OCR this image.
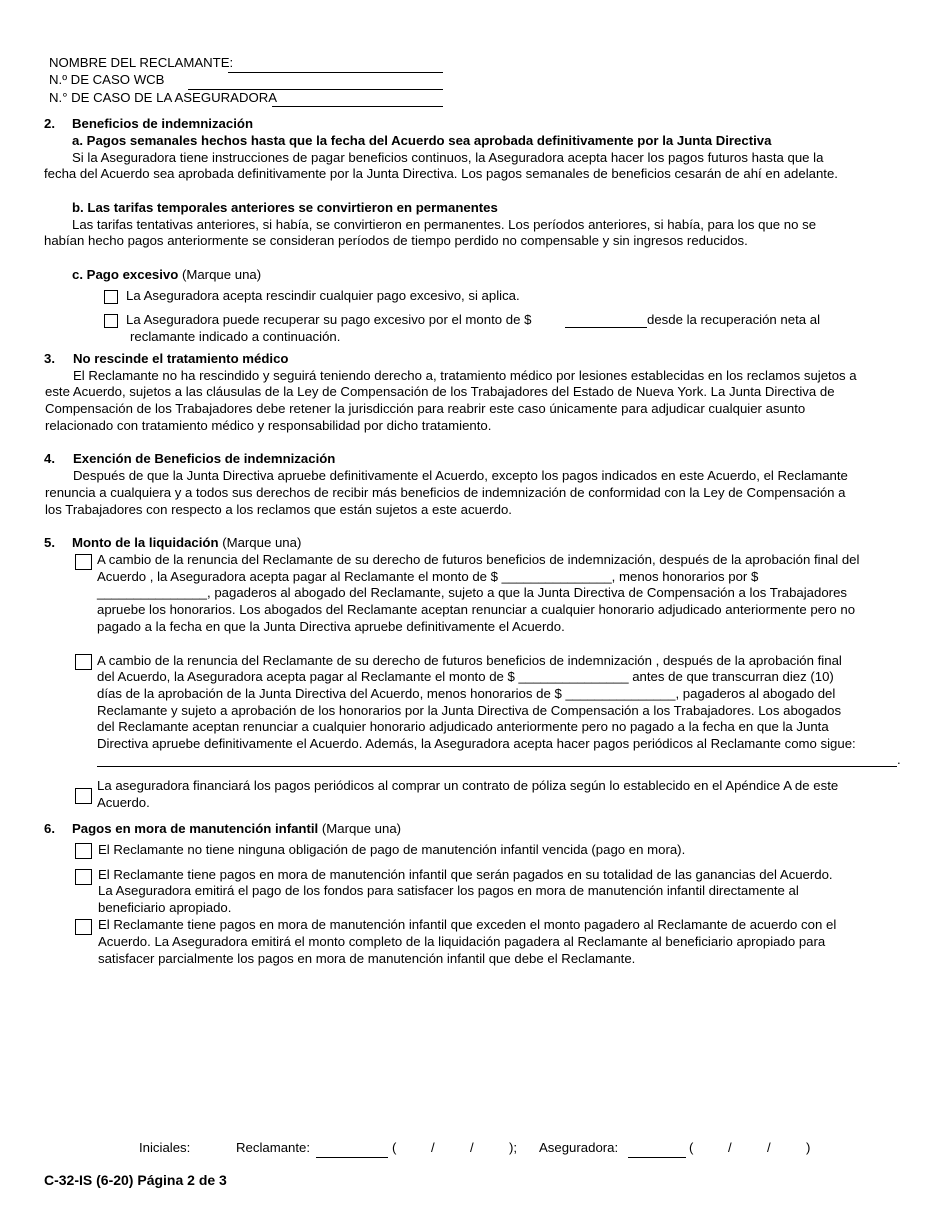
NOMBRE DEL RECLAMANTE:
N.º DE CASO WCB
N.° DE CASO DE LA ASEGURADORA
2. Beneficios de indemnización
a. Pagos semanales hechos hasta que la fecha del Acuerdo sea aprobada definitivamente por la Junta Directiva
Si la Aseguradora tiene instrucciones de pagar beneficios continuos, la Aseguradora acepta hacer los pagos futuros hasta que la
fecha del Acuerdo sea aprobada definitivamente por la Junta Directiva. Los pagos semanales de beneficios cesarán de ahí en adelante.
b. Las tarifas temporales anteriores se convirtieron en permanentes
Las tarifas tentativas anteriores, si había, se convirtieron en permanentes. Los períodos anteriores, si había, para los que no se
habían hecho pagos anteriormente se consideran períodos de tiempo perdido no compensable y sin ingresos reducidos.
c. Pago excesivo (Marque una)
La Aseguradora acepta rescindir cualquier pago excesivo, si aplica.
La Aseguradora puede recuperar su pago excesivo por el monto de $	desde la recuperación neta al
reclamante indicado a continuación.
3. No rescinde el tratamiento médico
El Reclamante no ha rescindido y seguirá teniendo derecho a, tratamiento médico por lesiones establecidas en los reclamos sujetos a
este Acuerdo, sujetos a las cláusulas de la Ley de Compensación de los Trabajadores del Estado de Nueva York. La Junta Directiva de
Compensación de los Trabajadores debe retener la jurisdicción para reabrir este caso únicamente para adjudicar cualquier asunto
relacionado con tratamiento médico y responsabilidad por dicho tratamiento.
4. Exención de Beneficios de indemnización
Después de que la Junta Directiva apruebe definitivamente el Acuerdo, excepto los pagos indicados en este Acuerdo, el Reclamante
renuncia a cualquiera y a todos sus derechos de recibir más beneficios de indemnización de conformidad con la Ley de Compensación a
los Trabajadores con respecto a los reclamos que están sujetos a este acuerdo.
5. Monto de la liquidación (Marque una)
A cambio de la renuncia del Reclamante de su derecho de futuros beneficios de indemnización, después de la aprobación final del
Acuerdo , la Aseguradora acepta pagar al Reclamante el monto de $ _______________, menos honorarios por $
_______________, pagaderos al abogado del Reclamante, sujeto a que la Junta Directiva de Compensación a los Trabajadores
apruebe los honorarios. Los abogados del Reclamante aceptan renunciar a cualquier honorario adjudicado anteriormente pero no
pagado a la fecha en que la Junta Directiva apruebe definitivamente el Acuerdo.
A cambio de la renuncia del Reclamante de su derecho de futuros beneficios de indemnización , después de la aprobación final
del Acuerdo, la Aseguradora acepta pagar al Reclamante el monto de $ _______________ antes de que transcurran diez (10)
días de la aprobación de la Junta Directiva del Acuerdo, menos honorarios de $ _______________, pagaderos al abogado del
Reclamante y sujeto a aprobación de los honorarios por la Junta Directiva de Compensación a los Trabajadores. Los abogados
del Reclamante aceptan renunciar a cualquier honorario adjudicado anteriormente pero no pagado a la fecha en que la Junta
Directiva apruebe definitivamente el Acuerdo. Además, la Aseguradora acepta hacer pagos periódicos al Reclamante como sigue:
.
La aseguradora financiará los pagos periódicos al comprar un contrato de póliza según lo establecido en el Apéndice A de este
Acuerdo.
6. Pagos en mora de manutención infantil (Marque una)
El Reclamante no tiene ninguna obligación de pago de manutención infantil vencida (pago en mora).
El Reclamante tiene pagos en mora de manutención infantil que serán pagados en su totalidad de las ganancias del Acuerdo.
La Aseguradora emitirá el pago de los fondos para satisfacer los pagos en mora de manutención infantil directamente al
beneficiario apropiado.
El Reclamante tiene pagos en mora de manutención infantil que exceden el monto pagadero al Reclamante de acuerdo con el
Acuerdo. La Aseguradora emitirá el monto completo de la liquidación pagadera al Reclamante al beneficiario apropiado para
satisfacer parcialmente los pagos en mora de manutención infantil que debe el Reclamante.
Iniciales:	Reclamante:	(	/	/	); Aseguradora:	(	/	/	)
C-32-IS (6-20) Página 2 de 3
